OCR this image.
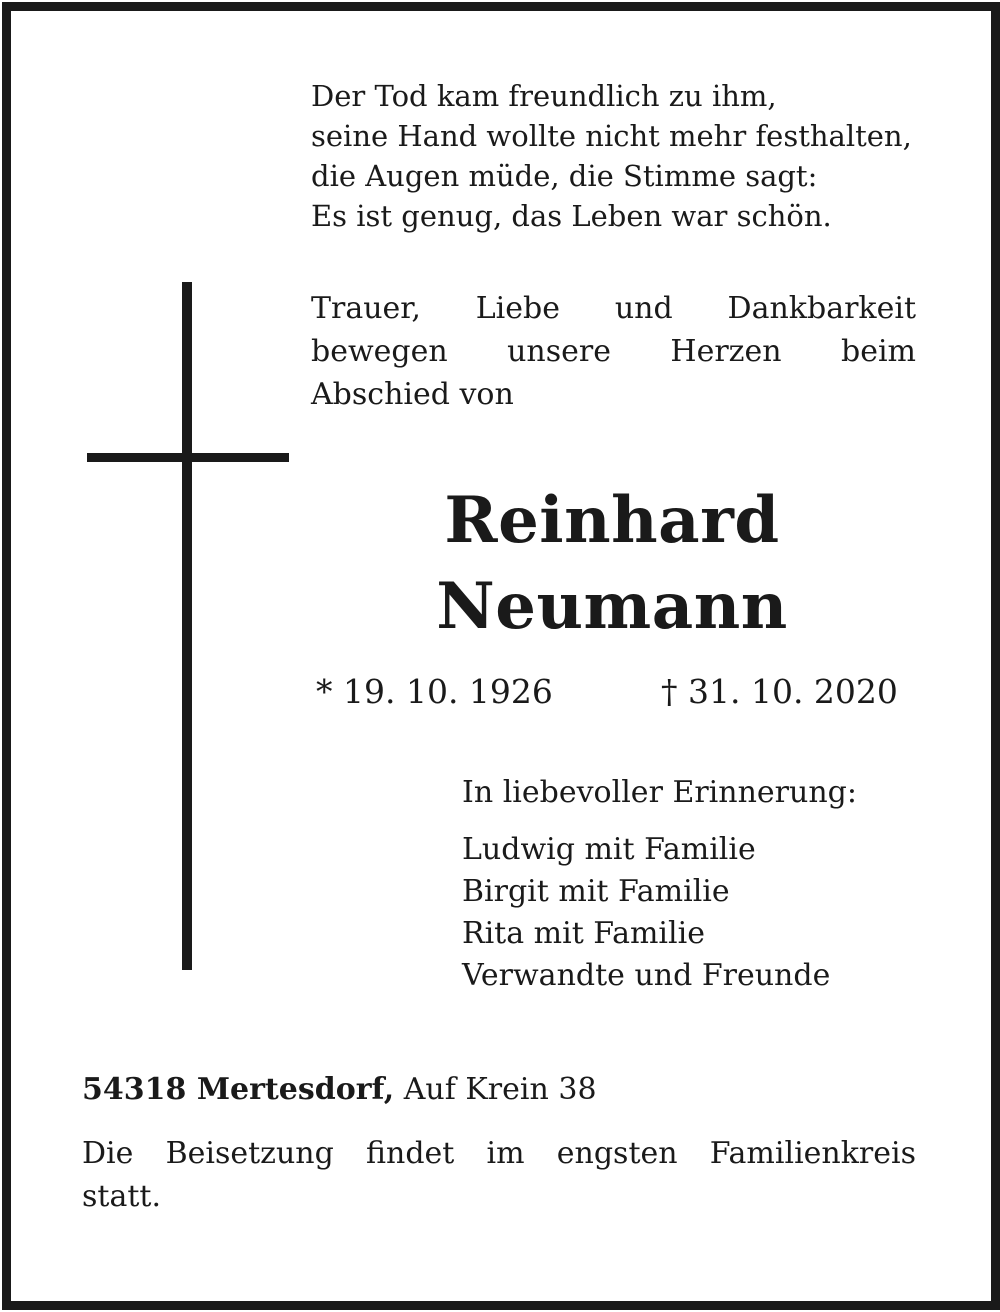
Der Tod kam freundlich zu ihm,
seine Hand wollte nicht mehr festhalten,
die Augen müde, die Stimme sagt:
Es ist genug, das Leben war schön.
Trauer, Liebe und Dankbarkeit
bewegen unsere Herzen beim
Abschied von
Reinhard
Neumann
* 19. 10. 1926	† 31. 10. 2020
In liebevoller Erinnerung:
Ludwig mit Familie
Birgit mit Familie
Rita mit Familie
Verwandte und Freunde
54318 Mertesdorf, Auf Krein 38
Die Beisetzung findet im engsten Familienkreis
statt.
